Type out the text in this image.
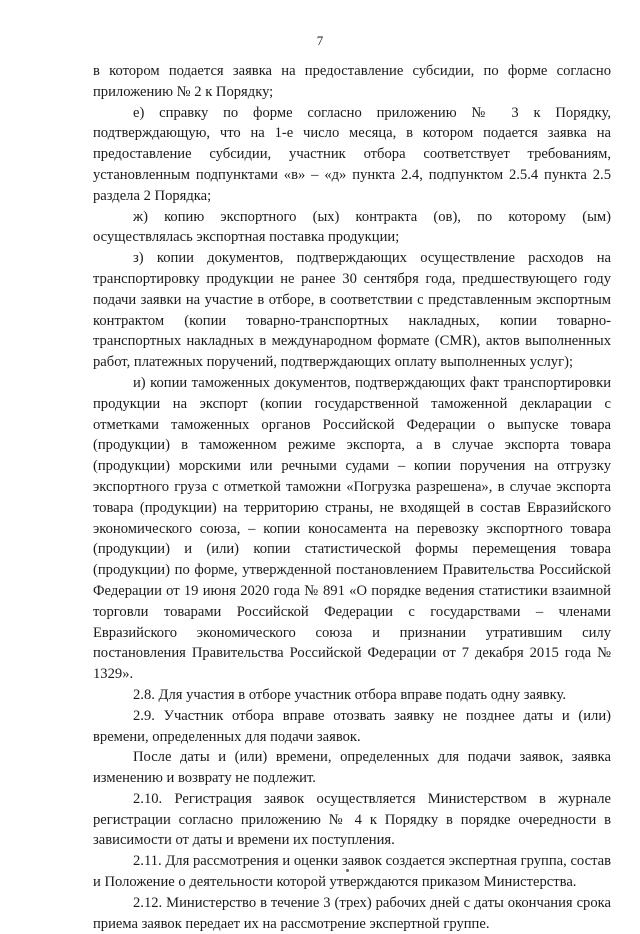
7

в котором подается заявка на предоставление субсидии, по форме согласно приложению № 2 к Порядку;

е) справку по форме согласно приложению № 3 к Порядку, подтверждающую, что на 1-е число месяца, в котором подается заявка на предоставление субсидии, участник отбора соответствует требованиям, установленным подпунктами «в» – «д» пункта 2.4, подпунктом 2.5.4 пункта 2.5 раздела 2 Порядка;

ж) копию экспортного (ых) контракта (ов), по которому (ым) осуществлялась экспортная поставка продукции;

з) копии документов, подтверждающих осуществление расходов на транспортировку продукции не ранее 30 сентября года, предшествующего году подачи заявки на участие в отборе, в соответствии с представленным экспортным контрактом (копии товарно-транспортных накладных, копии товарно-транспортных накладных в международном формате (CMR), актов выполненных работ, платежных поручений, подтверждающих оплату выполненных услуг);

и) копии таможенных документов, подтверждающих факт транспортировки продукции на экспорт (копии государственной таможенной декларации с отметками таможенных органов Российской Федерации о выпуске товара (продукции) в таможенном режиме экспорта, а в случае экспорта товара (продукции) морскими или речными судами – копии поручения на отгрузку экспортного груза с отметкой таможни «Погрузка разрешена», в случае экспорта товара (продукции) на территорию страны, не входящей в состав Евразийского экономического союза, – копии коносамента на перевозку экспортного товара (продукции) и (или) копии статистической формы перемещения товара (продукции) по форме, утвержденной постановлением Правительства Российской Федерации от 19 июня 2020 года № 891 «О порядке ведения статистики взаимной торговли товарами Российской Федерации с государствами – членами Евразийского экономического союза и признании утратившим силу постановления Правительства Российской Федерации от 7 декабря 2015 года № 1329».

2.8. Для участия в отборе участник отбора вправе подать одну заявку.

2.9. Участник отбора вправе отозвать заявку не позднее даты и (или) времени, определенных для подачи заявок.

После даты и (или) времени, определенных для подачи заявок, заявка изменению и возврату не подлежит.

2.10. Регистрация заявок осуществляется Министерством в журнале регистрации согласно приложению № 4 к Порядку в порядке очередности в зависимости от даты и времени их поступления.

2.11. Для рассмотрения и оценки заявок создается экспертная группа, состав и Положение о деятельности которой утверждаются приказом Министерства.

2.12. Министерство в течение 3 (трех) рабочих дней с даты окончания срока приема заявок передает их на рассмотрение экспертной группе.
